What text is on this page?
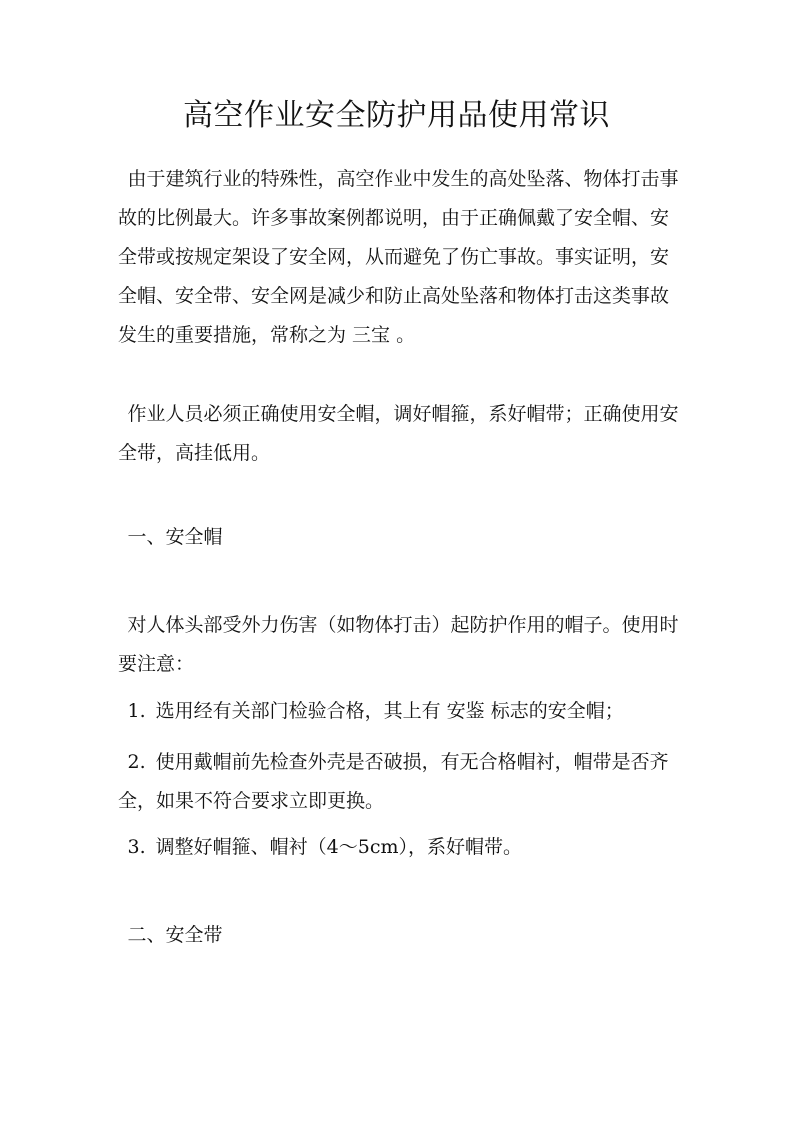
高空作业安全防护用品使用常识

由于建筑行业的特殊性，高空作业中发生的高处坠落、物体打击事故的比例最大。许多事故案例都说明，由于正确佩戴了安全帽、安全带或按规定架设了安全网，从而避免了伤亡事故。事实证明，安全帽、安全带、安全网是减少和防止高处坠落和物体打击这类事故发生的重要措施，常称之为 三宝 。

作业人员必须正确使用安全帽，调好帽箍，系好帽带；正确使用安全带，高挂低用。

一、安全帽

对人体头部受外力伤害（如物体打击）起防护作用的帽子。使用时要注意：

1. 选用经有关部门检验合格，其上有 安鉴 标志的安全帽；

2. 使用戴帽前先检查外壳是否破损，有无合格帽衬，帽带是否齐全，如果不符合要求立即更换。

3. 调整好帽箍、帽衬（4～5cm），系好帽带。

二、安全带
